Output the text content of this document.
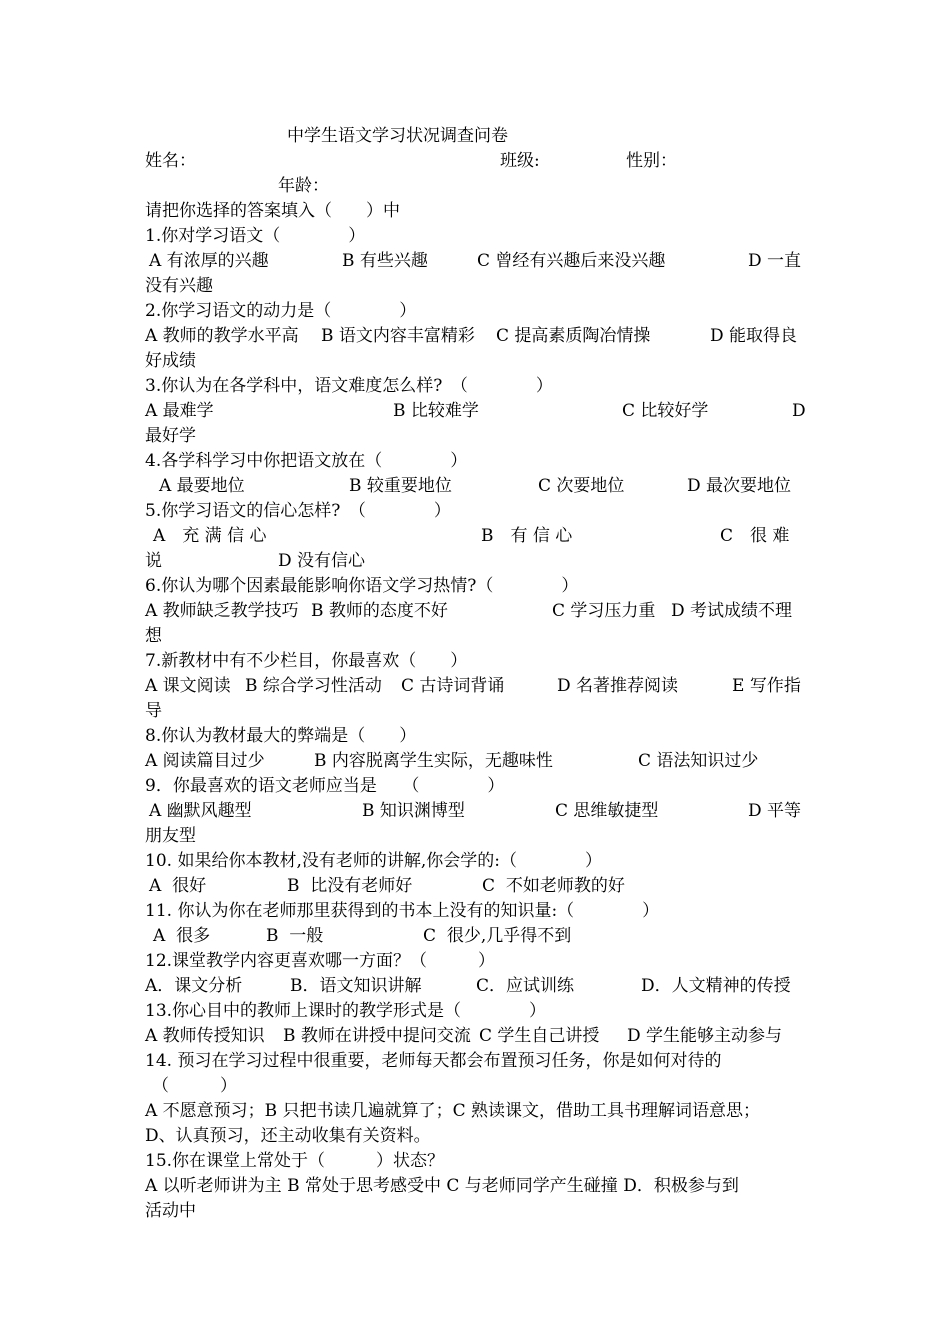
中学生语文学习状况调查问卷
姓名：	班级:	性别：
年龄：
请把你选择的答案填入（　　）中
1.你对学习语文（　　　　）
A 有浓厚的兴趣	B 有些兴趣	C 曾经有兴趣后来没兴趣	D 一直
没有兴趣
2.你学习语文的动力是（　　　　）
A 教师的教学水平高 B 语文内容丰富精彩 C 提高素质陶冶情操	D 能取得良
好成绩
3.你认为在各学科中，语文难度怎么样?　（　　　　）
A 最难学	B 比较难学	C 比较好学	D
最好学
4.各学科学习中你把语文放在（　　　　）
A 最要地位	B 较重要地位	C 次要地位	D 最次要地位
5.你学习语文的信心怎样?　（　　　　）
A　充 满 信 心	B　有 信 心	C　很 难
说	D 没有信心
6.你认为哪个因素最能影响你语文学习热情?（　　　　）
A 教师缺乏教学技巧 B 教师的态度不好	C 学习压力重 D 考试成绩不理
想
7.新教材中有不少栏目，你最喜欢（　　）
A 课文阅读 B 综合学习性活动 C 古诗词背诵	D 名著推荐阅读	E 写作指
导
8.你认为教材最大的弊端是（　　）
A 阅读篇目过少	B 内容脱离学生实际，无趣味性	C 语法知识过少
9．你最喜欢的语文老师应当是　　（　　　　）
A 幽默风趣型	B 知识渊博型	C 思维敏捷型	D 平等
朋友型
10. 如果给你本教材,没有老师的讲解,你会学的:（　　　　）
A  很好	B  比没有老师好	C  不如老师教的好
11. 你认为你在老师那里获得到的书本上没有的知识量:（　　　　）
A  很多	B  一般	C  很少,几乎得不到
12.课堂教学内容更喜欢哪一方面？（　　　）
A．课文分析	B．语文知识讲解	C．应试训练	D．人文精神的传授
13.你心目中的教师上课时的教学形式是（　　　　）
A 教师传授知识 B 教师在讲授中提问交流 C 学生自己讲授 D 学生能够主动参与
14. 预习在学习过程中很重要，老师每天都会布置预习任务，你是如何对待的
（　　　）
A 不愿意预习；B 只把书读几遍就算了；C 熟读课文，借助工具书理解词语意思；
D、认真预习，还主动收集有关资料。
15.你在课堂上常处于（　　　）状态？
A 以听老师讲为主 B 常处于思考感受中 C 与老师同学产生碰撞 D．积极参与到
活动中
